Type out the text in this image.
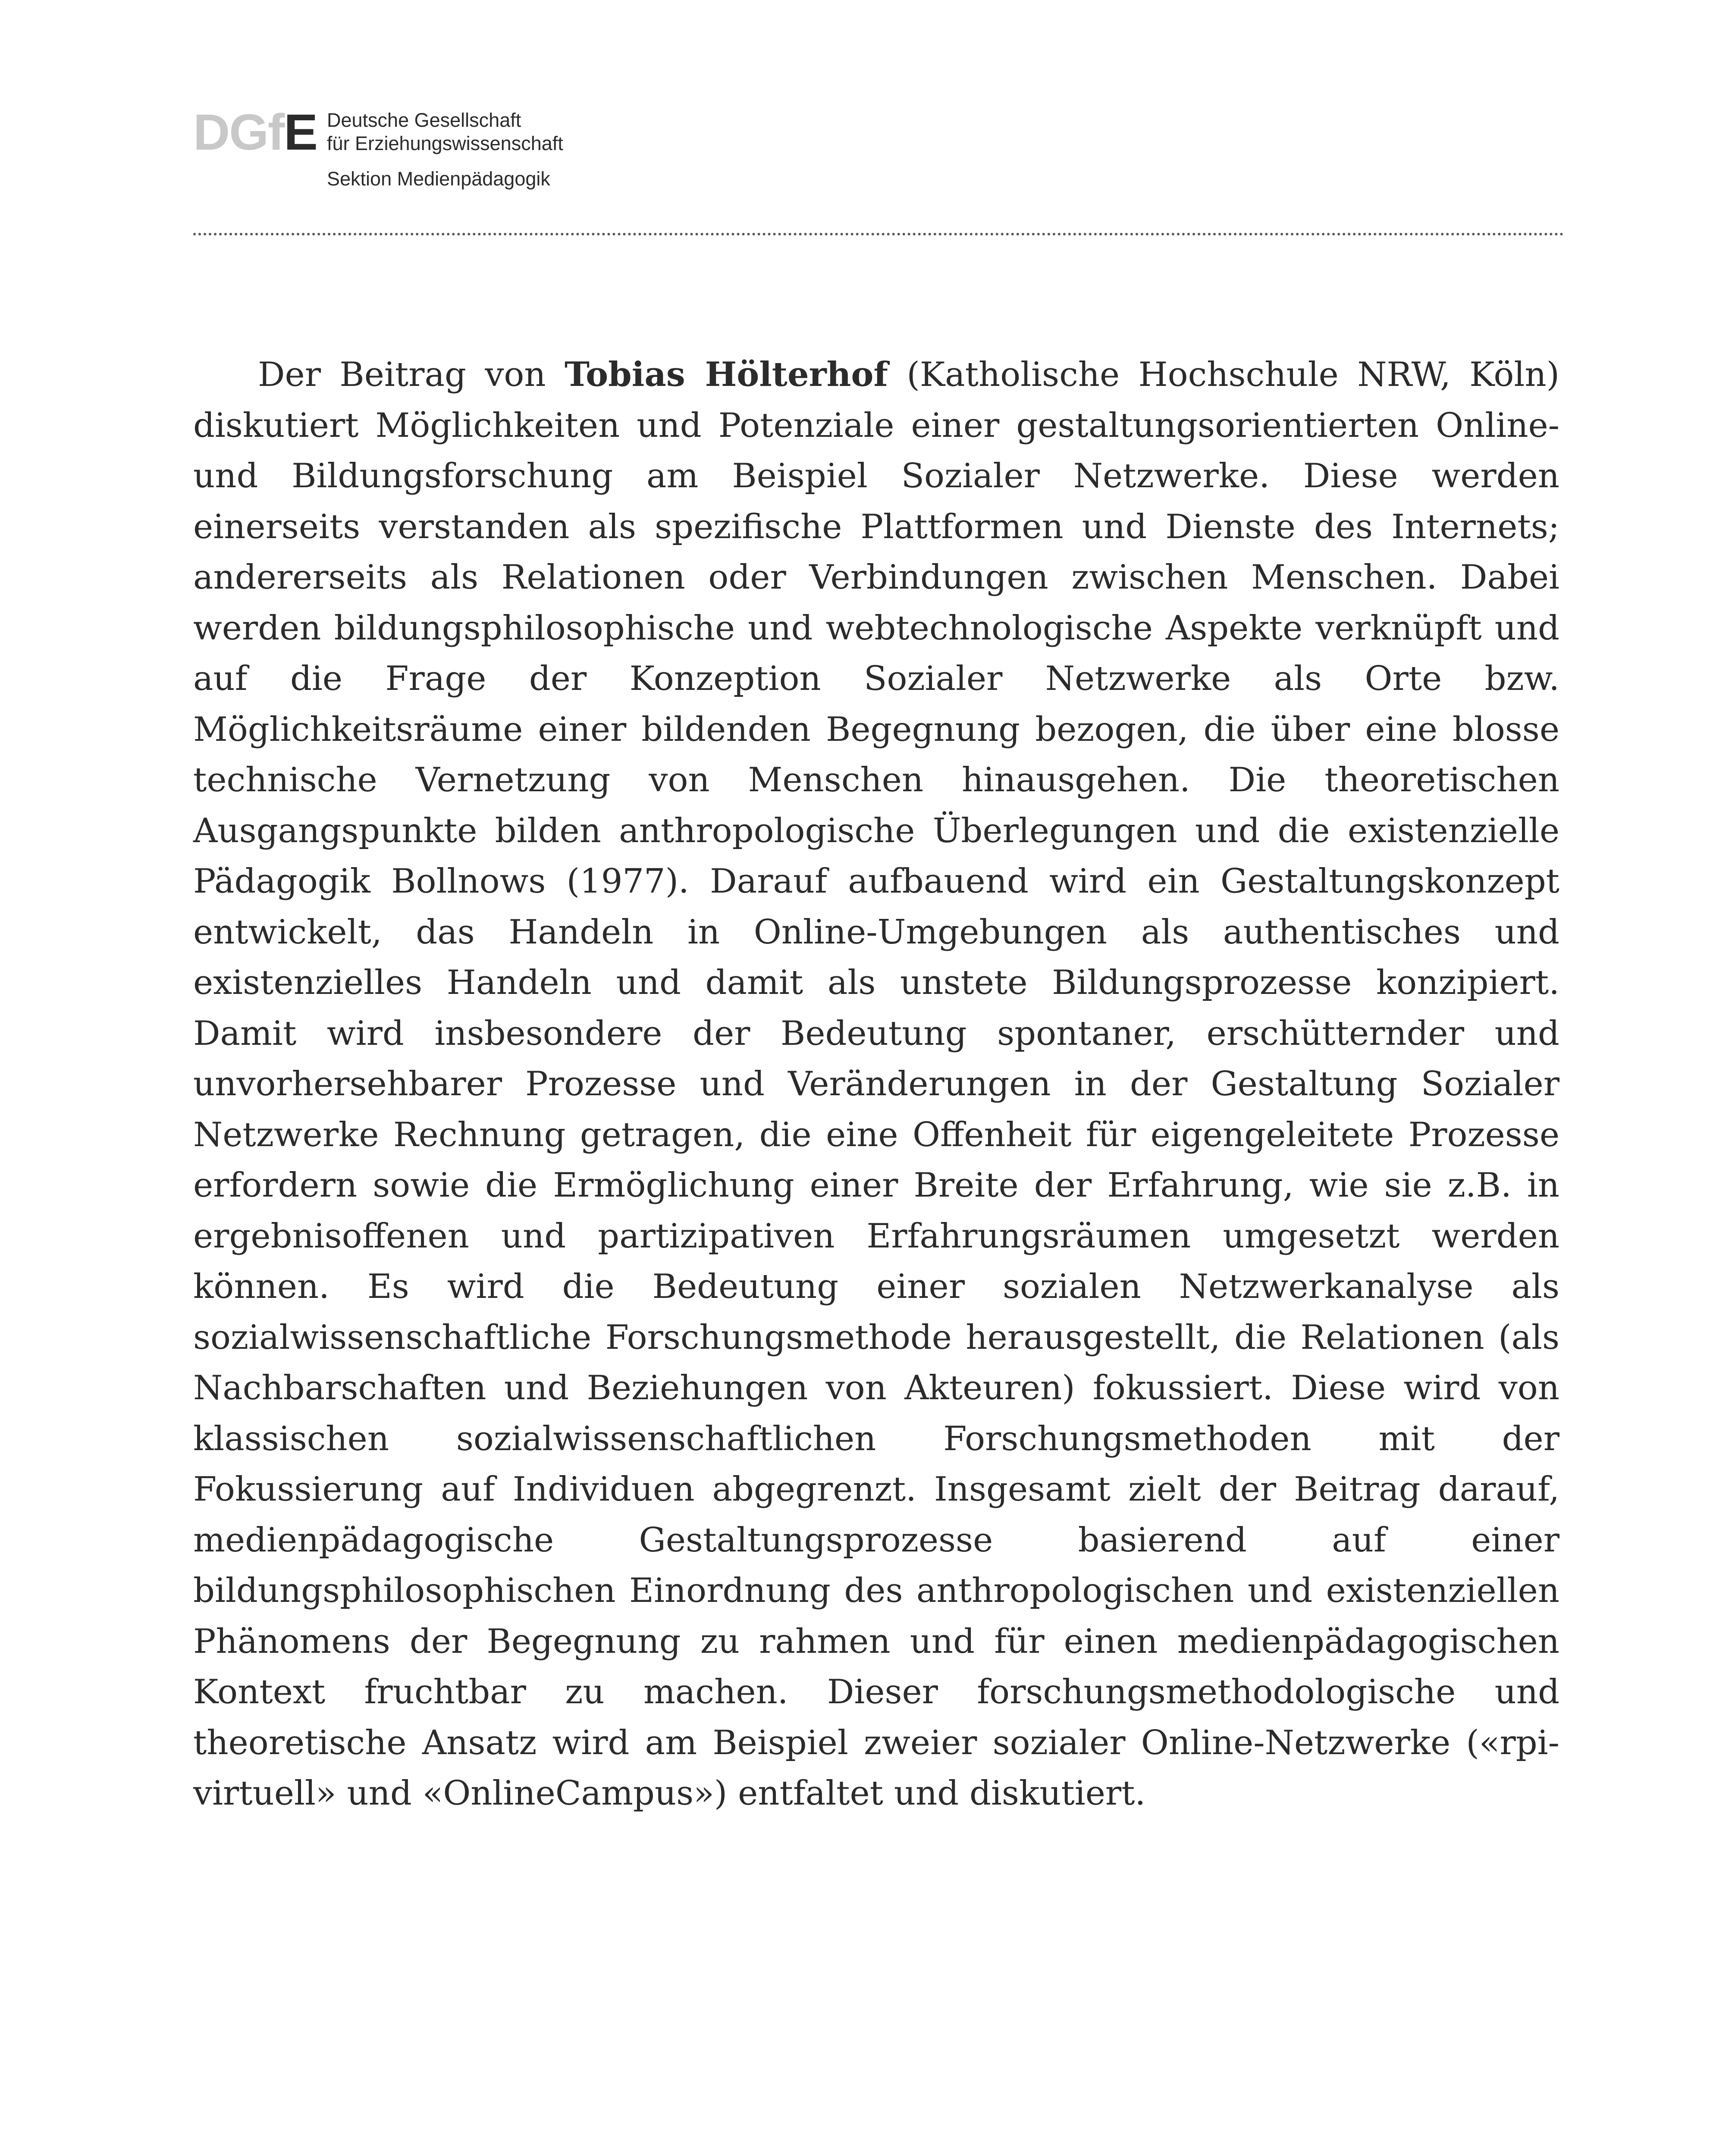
DGfE Deutsche Gesellschaft
für Erziehungswissenschaft
Sektion Medienpädagogik
Der Beitrag von Tobias Hölterhof (Katholische Hochschule NRW, Köln) diskutiert Möglichkeiten und Potenziale einer gestaltungsorientierten Online- und Bildungsforschung am Beispiel Sozialer Netzwerke. Diese werden einerseits verstanden als spezifische Plattformen und Dienste des Internets; andererseits als Relationen oder Verbindungen zwischen Menschen. Dabei werden bildungsphilosophische und webtechnologische Aspekte verknüpft und auf die Frage der Konzeption Sozialer Netzwerke als Orte bzw. Möglichkeitsräume einer bildenden Begegnung bezogen, die über eine blosse technische Vernetzung von Menschen hinausgehen. Die theoretischen Ausgangspunkte bilden anthropologische Überlegungen und die existenzielle Pädagogik Bollnows (1977). Darauf aufbauend wird ein Gestaltungskonzept entwickelt, das Handeln in Online-Umgebungen als authentisches und existenzielles Handeln und damit als unstete Bildungsprozesse konzipiert. Damit wird insbesondere der Bedeutung spontaner, erschütternder und unvorhersehbarer Prozesse und Veränderungen in der Gestaltung Sozialer Netzwerke Rechnung getragen, die eine Offenheit für eigengeleitete Prozesse erfordern sowie die Ermöglichung einer Breite der Erfahrung, wie sie z.B. in ergebnisoffenen und partizipativen Erfahrungsräumen umgesetzt werden können. Es wird die Bedeutung einer sozialen Netzwerkanalyse als sozialwissenschaftliche Forschungsmethode herausgestellt, die Relationen (als Nachbarschaften und Beziehungen von Akteuren) fokussiert. Diese wird von klassischen sozialwissenschaftlichen Forschungsmethoden mit der Fokussierung auf Individuen abgegrenzt. Insgesamt zielt der Beitrag darauf, medienpädagogische Gestaltungsprozesse basierend auf einer bildungsphilosophischen Einordnung des anthropologischen und existenziellen Phänomens der Begegnung zu rahmen und für einen medienpädagogischen Kontext fruchtbar zu machen. Dieser forschungsmethodologische und theoretische Ansatz wird am Beispiel zweier sozialer Online-Netzwerke («rpi-virtuell» und «OnlineCampus») entfaltet und diskutiert.
